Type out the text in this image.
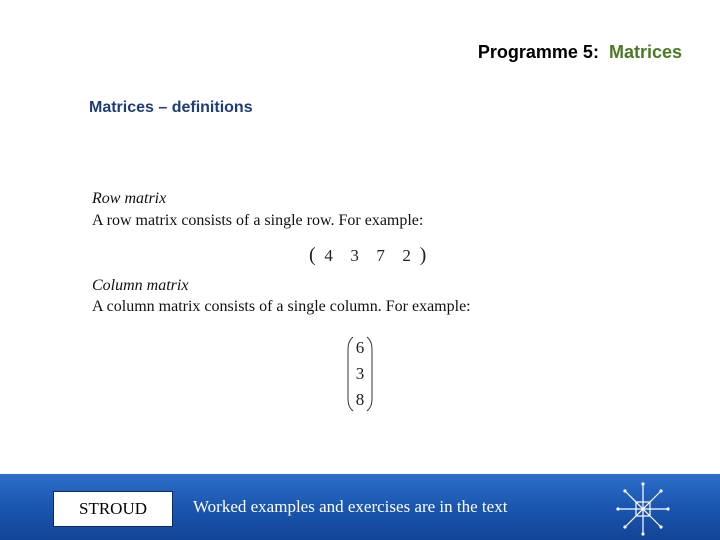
Programme 5: Matrices
Matrices – definitions
Row matrix
A row matrix consists of a single row. For example:
( 4	3	7	2 )
Column matrix
A column matrix consists of a single column. For example:
6
3
8
STROUD	Worked examples and exercises are in the text
